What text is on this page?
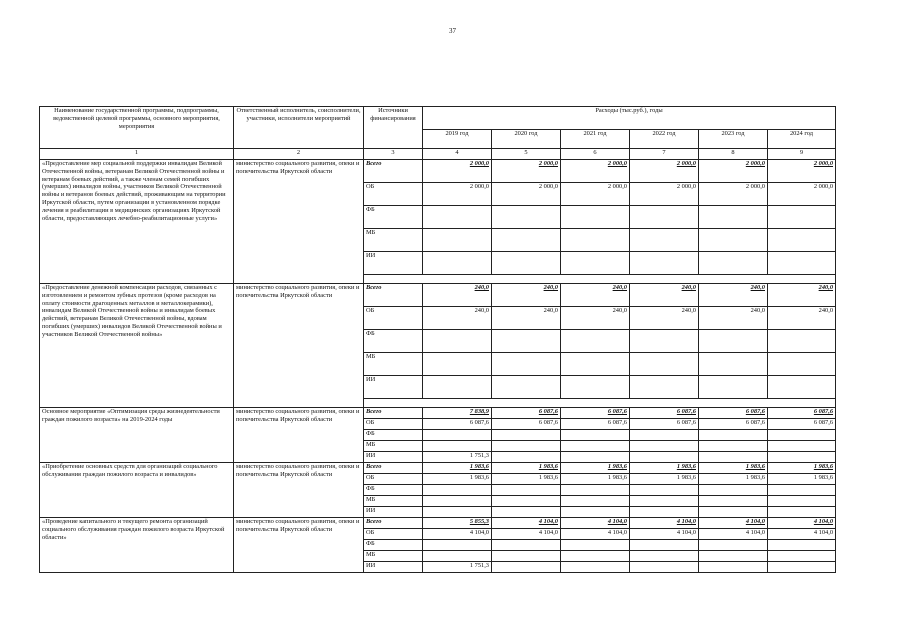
37
Наименование государственной программы, подпрограммы, ведомственной целевой программы, основного мероприятия, мероприятия	Ответственный исполнитель, соисполнители, участники, исполнители мероприятий	Источники финансирования	Расходы (тыс.руб.), годы					
			2019 год	2020 год	2021 год	2022 год	2023 год	2024 год
1	2	3	4	5	6	7	8	9
«Предоставление мер социальной поддержки инвалидам Великой Отечественной войны, ветеранам Великой Отечественной войны и ветеранам боевых действий, а также членам семей погибших (умерших) инвалидов войны, участников Великой Отечественной войны и ветеранов боевых действий, проживающим на территории Иркутской области, путем организации в установленном порядке лечения и реабилитации в медицинских организациях Иркутской области, предоставляющих лечебно-реабилитационные услуги»	министерство социального развития, опеки и попечительства Иркутской области	Всего	2 000,0	2 000,0	2 000,0	2 000,0	2 000,0	2 000,0
		ОБ	2 000,0	2 000,0	2 000,0	2 000,0	2 000,0	2 000,0
		ФБ						
		МБ						
		ИИ						

«Предоставление денежной компенсации расходов, связанных с изготовлением и ремонтом зубных протезов (кроме расходов на оплату стоимости драгоценных металлов и металлокерамики), инвалидам Великой Отечественной войны и инвалидам боевых действий, ветеранам Великой Отечественной войны, вдовам погибших (умерших) инвалидов Великой Отечественной войны и участников Великой Отечественной войны»	министерство социального развития, опеки и попечительства Иркутской области	Всего	240,0	240,0	240,0	240,0	240,0	240,0
		ОБ	240,0	240,0	240,0	240,0	240,0	240,0
		ФБ						
		МБ						
		ИИ						

Основное мероприятие «Оптимизация среды жизнедеятельности граждан пожилого возраста» на 2019-2024 годы	министерство социального развития, опеки и попечительства Иркутской области	Всего	7 838,9	6 087,6	6 087,6	6 087,6	6 087,6	6 087,6
		ОБ	6 087,6	6 087,6	6 087,6	6 087,6	6 087,6	6 087,6
		ФБ						
		МБ						
		ИИ	1 751,3					
«Приобретение основных средств для организаций социального обслуживания граждан пожилого возраста и инвалидов»	министерство социального развития, опеки и попечительства Иркутской области	Всего	1 983,6	1 983,6	1 983,6	1 983,6	1 983,6	1 983,6
		ОБ	1 983,6	1 983,6	1 983,6	1 983,6	1 983,6	1 983,6
		ФБ						
		МБ						
		ИИ						
«Проведение капитального и текущего ремонта организаций социального обслуживания граждан пожилого возраста Иркутской области»	министерство социального развития, опеки и попечительства Иркутской области	Всего	5 855,3	4 104,0	4 104,0	4 104,0	4 104,0	4 104,0
		ОБ	4 104,0	4 104,0	4 104,0	4 104,0	4 104,0	4 104,0
		ФБ						
		МБ						
		ИИ	1 751,3					
